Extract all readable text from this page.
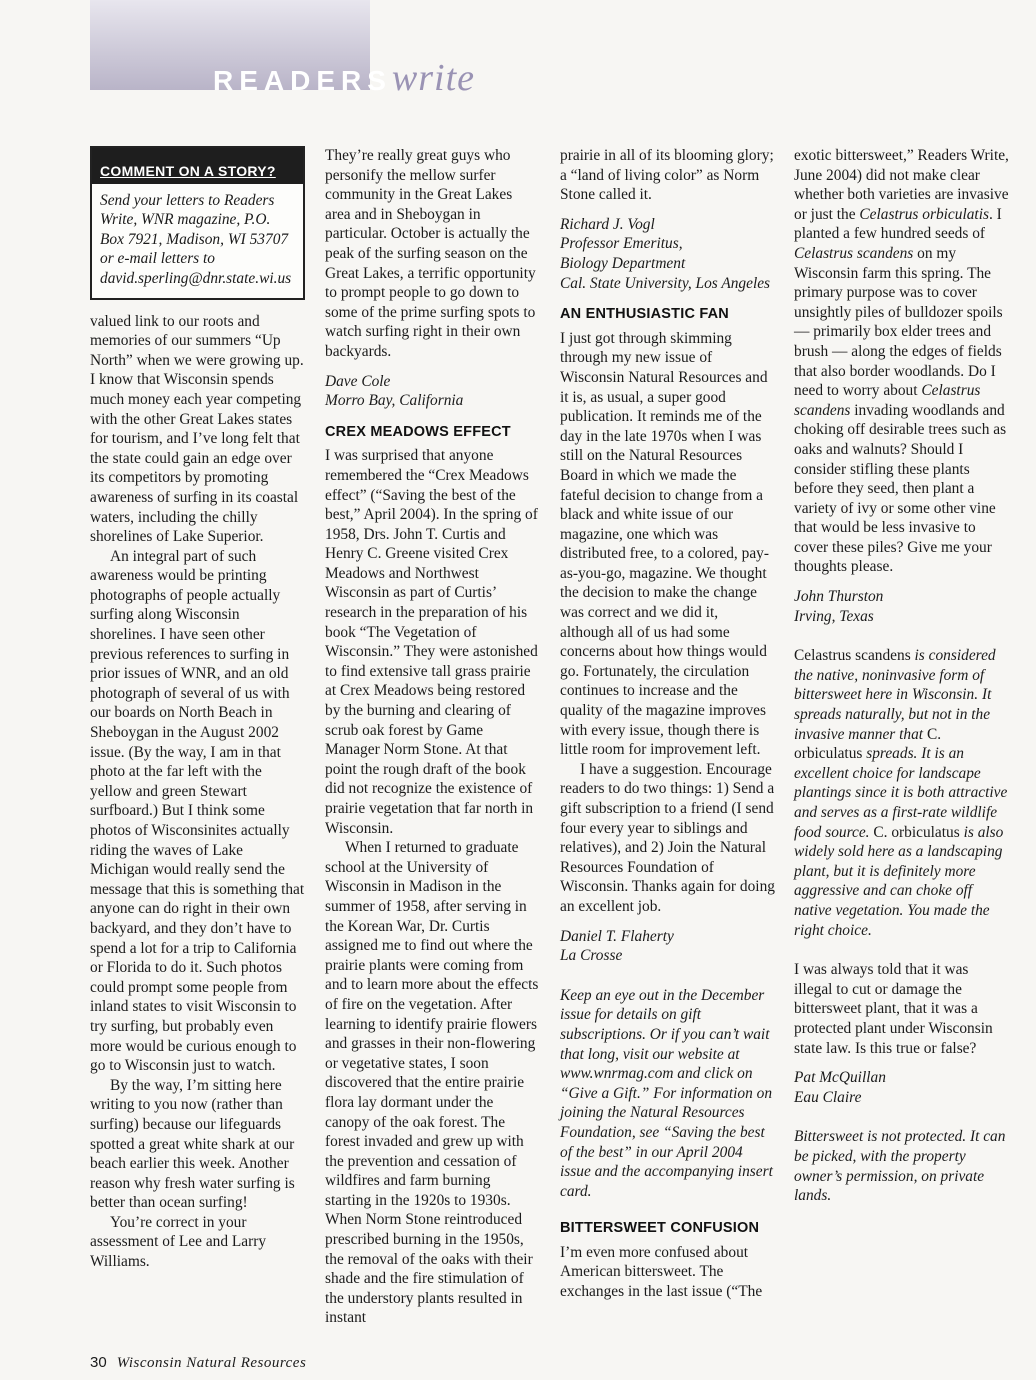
READERSwrite
COMMENT ON A STORY?
Send your letters to Readers Write, WNR magazine, P.O. Box 7921, Madison, WI 53707 or e-mail letters to david.sperling@dnr.state.wi.us

valued link to our roots and memories of our summers “Up North” when we were growing up. I know that Wisconsin spends much money each year competing with the other Great Lakes states for tourism, and I’ve long felt that the state could gain an edge over its competitors by promoting awareness of surfing in its coastal waters, including the chilly shorelines of Lake Superior.

An integral part of such awareness would be printing photographs of people actually surfing along Wisconsin shorelines. I have seen other previous references to surfing in prior issues of WNR, and an old photograph of several of us with our boards on North Beach in Sheboygan in the August 2002 issue. (By the way, I am in that photo at the far left with the yellow and green Stewart surfboard.) But I think some photos of Wisconsinites actually riding the waves of Lake Michigan would really send the message that this is something that anyone can do right in their own backyard, and they don’t have to spend a lot for a trip to California or Florida to do it. Such photos could prompt some people from inland states to visit Wisconsin to try surfing, but probably even more would be curious enough to go to Wisconsin just to watch.

By the way, I’m sitting here writing to you now (rather than surfing) because our lifeguards spotted a great white shark at our beach earlier this week. Another reason why fresh water surfing is better than ocean surfing!

You’re correct in your assessment of Lee and Larry Williams.

They’re really great guys who personify the mellow surfer community in the Great Lakes area and in Sheboygan in particular. October is actually the peak of the surfing season on the Great Lakes, a terrific opportunity to prompt people to go down to some of the prime surfing spots to watch surfing right in their own backyards.

Dave Cole

Morro Bay, California

CREX MEADOWS EFFECT

I was surprised that anyone remembered the “Crex Meadows effect” (“Saving the best of the best,” April 2004). In the spring of 1958, Drs. John T. Curtis and Henry C. Greene visited Crex Meadows and Northwest Wisconsin as part of Curtis’ research in the preparation of his book “The Vegetation of Wisconsin.” They were astonished to find extensive tall grass prairie at Crex Meadows being restored by the burning and clearing of scrub oak forest by Game Manager Norm Stone. At that point the rough draft of the book did not recognize the existence of prairie vegetation that far north in Wisconsin.

When I returned to graduate school at the University of Wisconsin in Madison in the summer of 1958, after serving in the Korean War, Dr. Curtis assigned me to find out where the prairie plants were coming from and to learn more about the effects of fire on the vegetation. After learning to identify prairie flowers and grasses in their non-flowering or vegetative states, I soon discovered that the entire prairie flora lay dormant under the canopy of the oak forest. The forest invaded and grew up with the prevention and cessation of wildfires and farm burning starting in the 1920s to 1930s. When Norm Stone reintroduced prescribed burning in the 1950s, the removal of the oaks with their shade and the fire stimulation of the understory plants resulted in instant

prairie in all of its blooming glory; a “land of living color” as Norm Stone called it.

Richard J. Vogl

Professor Emeritus,

Biology Department

Cal. State University, Los Angeles

AN ENTHUSIASTIC FAN

I just got through skimming through my new issue of Wisconsin Natural Resources and it is, as usual, a super good publication. It reminds me of the day in the late 1970s when I was still on the Natural Resources Board in which we made the fateful decision to change from a black and white issue of our magazine, one which was distributed free, to a colored, pay-as-you-go, magazine. We thought the decision to make the change was correct and we did it, although all of us had some concerns about how things would go. Fortunately, the circulation continues to increase and the quality of the magazine improves with every issue, though there is little room for improvement left.

I have a suggestion. Encourage readers to do two things: 1) Send a gift subscription to a friend (I send four every year to siblings and relatives), and 2) Join the Natural Resources Foundation of Wisconsin. Thanks again for doing an excellent job.

Daniel T. Flaherty

La Crosse

Keep an eye out in the December issue for details on gift subscriptions. Or if you can’t wait that long, visit our website at www.wnrmag.com and click on “Give a Gift.” For information on joining the Natural Resources Foundation, see “Saving the best of the best” in our April 2004 issue and the accompanying insert card.

BITTERSWEET CONFUSION

I’m even more confused about American bittersweet. The exchanges in the last issue (“The

exotic bittersweet,” Readers Write, June 2004) did not make clear whether both varieties are invasive or just the Celastrus orbiculatis. I planted a few hundred seeds of Celastrus scandens on my Wisconsin farm this spring. The primary purpose was to cover unsightly piles of bulldozer spoils — primarily box elder trees and brush — along the edges of fields that also border woodlands. Do I need to worry about Celastrus scandens invading woodlands and choking off desirable trees such as oaks and walnuts? Should I consider stifling these plants before they seed, then plant a variety of ivy or some other vine that would be less invasive to cover these piles? Give me your thoughts please.

John Thurston

Irving, Texas

Celastrus scandens is considered the native, noninvasive form of bittersweet here in Wisconsin. It spreads naturally, but not in the invasive manner that C. orbiculatus spreads. It is an excellent choice for landscape plantings since it is both attractive and serves as a first-rate wildlife food source. C. orbiculatus is also widely sold here as a landscaping plant, but it is definitely more aggressive and can choke off native vegetation. You made the right choice.

I was always told that it was illegal to cut or damage the bittersweet plant, that it was a protected plant under Wisconsin state law. Is this true or false?

Pat McQuillan

Eau Claire

Bittersweet is not protected. It can be picked, with the property owner’s permission, on private lands.

30 Wisconsin Natural Resources
